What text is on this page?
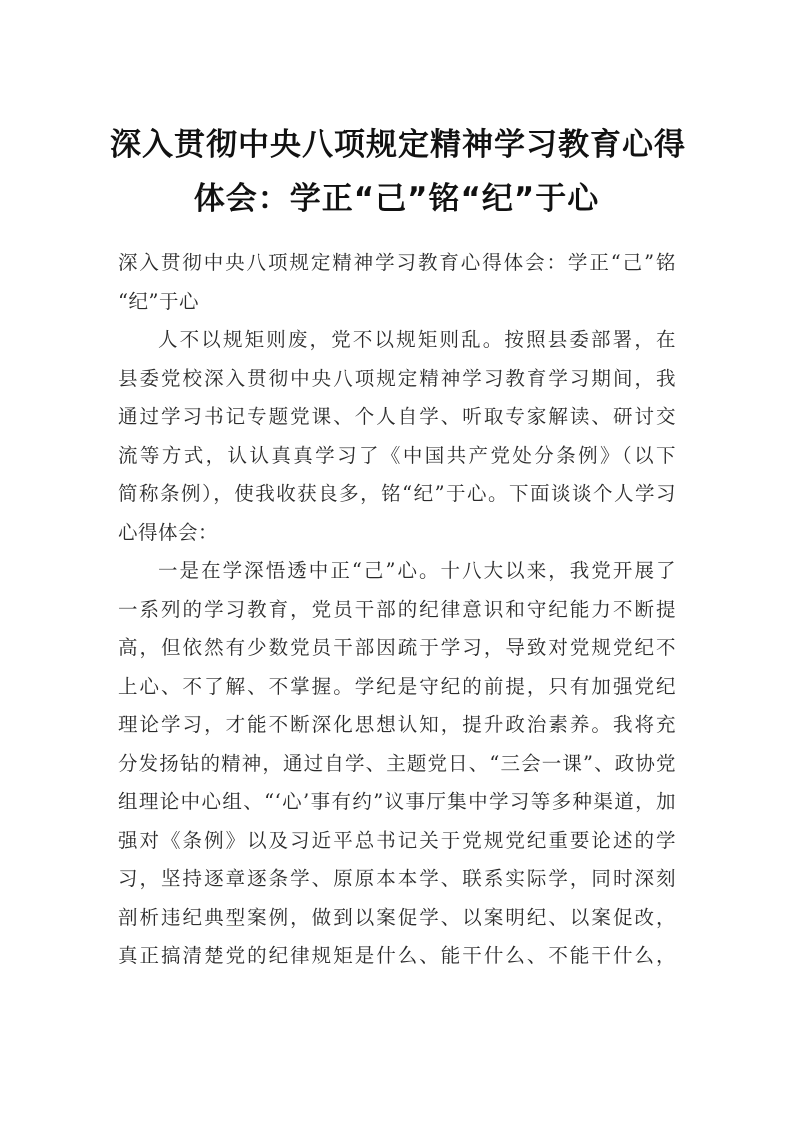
深入贯彻中央八项规定精神学习教育心得
体会：学正“己”铭“纪”于心
深入贯彻中央八项规定精神学习教育心得体会：学正“己”铭
“纪”于心
人不以规矩则废，党不以规矩则乱。按照县委部署，在
县委党校深入贯彻中央八项规定精神学习教育学习期间，我
通过学习书记专题党课、个人自学、听取专家解读、研讨交
流等方式，认认真真学习了《中国共产党处分条例》（以下
简称条例），使我收获良多，铭“纪”于心。下面谈谈个人学习
心得体会：
一是在学深悟透中正“己”心。十八大以来，我党开展了
一系列的学习教育，党员干部的纪律意识和守纪能力不断提
高，但依然有少数党员干部因疏于学习，导致对党规党纪不
上心、不了解、不掌握。学纪是守纪的前提，只有加强党纪
理论学习，才能不断深化思想认知，提升政治素养。我将充
分发扬钻的精神，通过自学、主题党日、“三会一课”、政协党
组理论中心组、“‘心’事有约”议事厅集中学习等多种渠道，加
强对《条例》以及习近平总书记关于党规党纪重要论述的学
习，坚持逐章逐条学、原原本本学、联系实际学，同时深刻
剖析违纪典型案例，做到以案促学、以案明纪、以案促改，
真正搞清楚党的纪律规矩是什么、能干什么、不能干什么，
